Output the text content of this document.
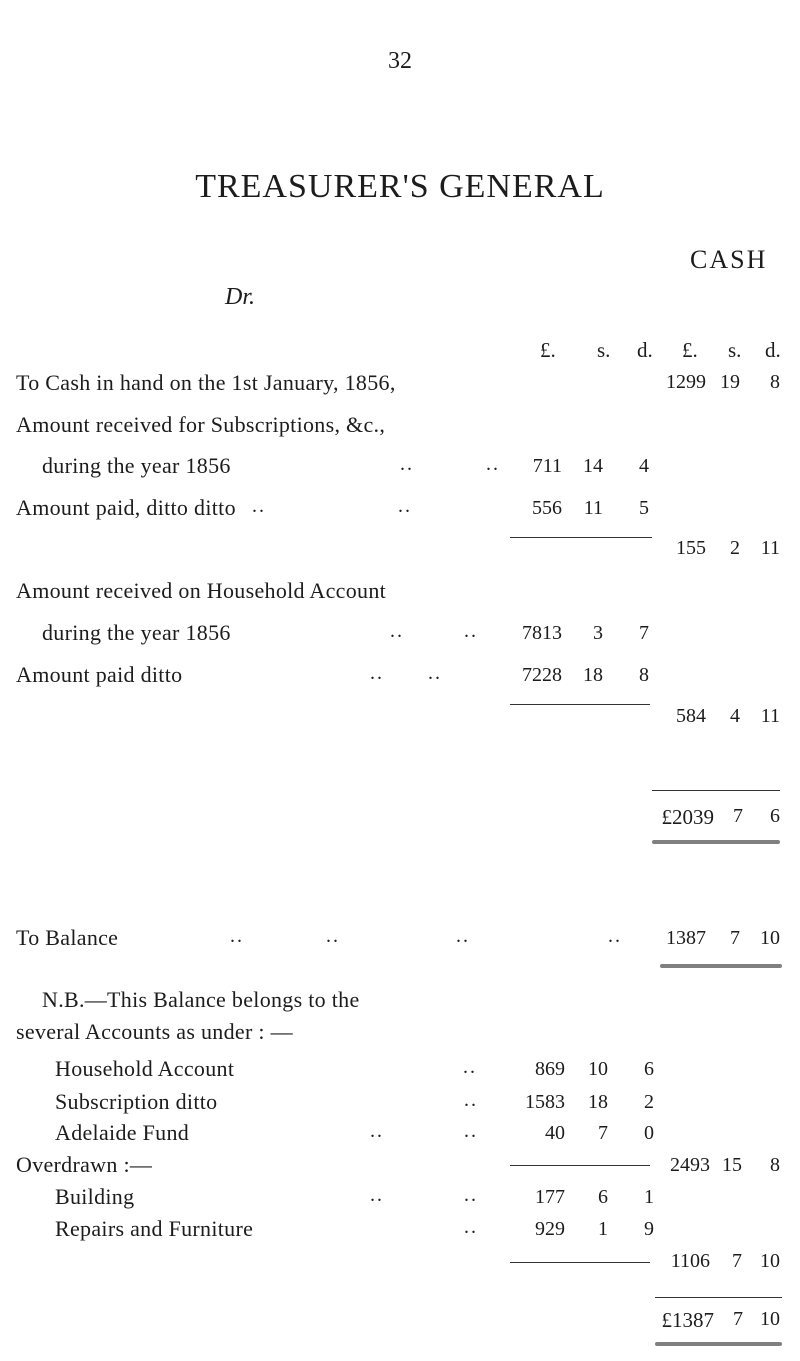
32
TREASURER'S GENERAL
CASH
Dr.
£. s. d. £. s. d.
To Cash in hand on the 1st January, 1856,	1299 19	8
Amount received for Subscriptions, &c.,
during the year 1856	..	..	711	14	4
Amount paid, ditto ditto ..	..	556	11	5
155	2	11
Amount received on Household Account
during the year 1856	..	..	7813	3	7
Amount paid ditto	.. ..	7228	18	8
584	4	11
£2039 7	6
To Balance	..	..	..	..	1387	7	10
N.B.—This Balance belongs to the
several Accounts as under : —
Household Account	..	869	10	6
Subscription ditto	..	1583	18	2
Adelaide Fund	..	..	40	7	0
Overdrawn :—	2493 15	8
Building	..	..	177	6	1
Repairs and Furniture	..	929	1	9
1106	7 10
£1387 7 10
